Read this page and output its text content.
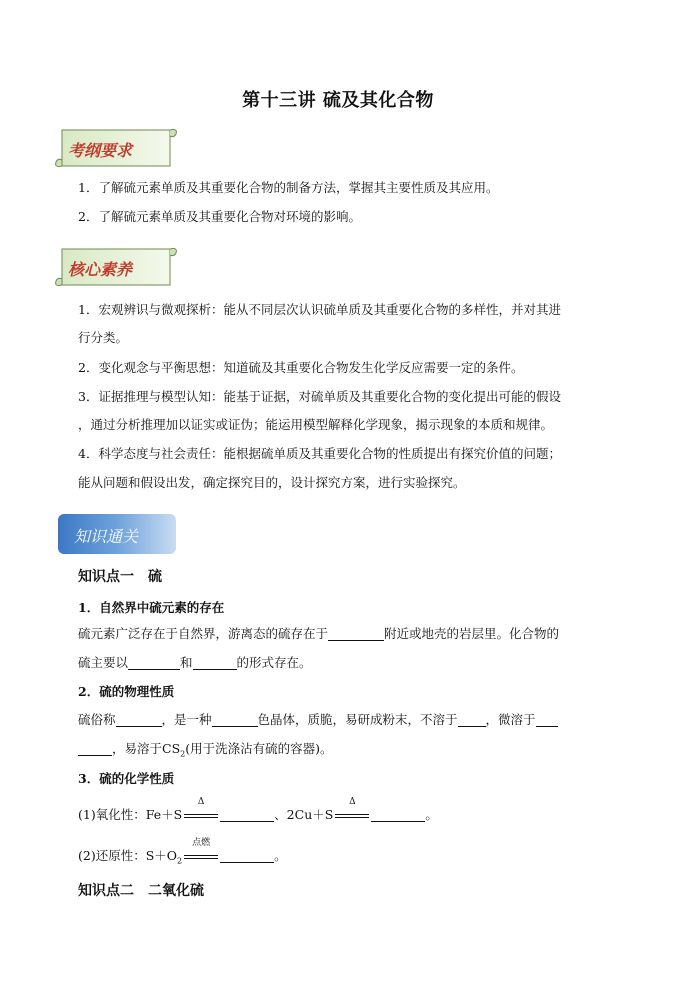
第十三讲 硫及其化合物
考纲要求
1．了解硫元素单质及其重要化合物的制备方法，掌握其主要性质及其应用。
2．了解硫元素单质及其重要化合物对环境的影响。
核心素养
1．宏观辨识与微观探析：能从不同层次认识硫单质及其重要化合物的多样性，并对其进
行分类。
2．变化观念与平衡思想：知道硫及其重要化合物发生化学反应需要一定的条件。
3．证据推理与模型认知：能基于证据，对硫单质及其重要化合物的变化提出可能的假设
，通过分析推理加以证实或证伪；能运用模型解释化学现象，揭示现象的本质和规律。
4．科学态度与社会责任：能根据硫单质及其重要化合物的性质提出有探究价值的问题；
能从问题和假设出发，确定探究目的，设计探究方案，进行实验探究。
知识通关
知识点一　硫
1．自然界中硫元素的存在
硫元素广泛存在于自然界，游离态的硫存在于	附近或地壳的岩层里。化合物的
硫主要以	和	的形式存在。
2．硫的物理性质
硫俗称	，是一种	色晶体，质脆，易研成粉末，不溶于 ，微溶于
，易溶于$CS_2$(用于洗涤沾有硫的容器)。
3．硫的化学性质
(1)氧化性：Fe＋S
Δ
、2Cu＋S
Δ
。
(2)还原性：$S+O_2$
点燃
。
知识点二　二氧化硫
